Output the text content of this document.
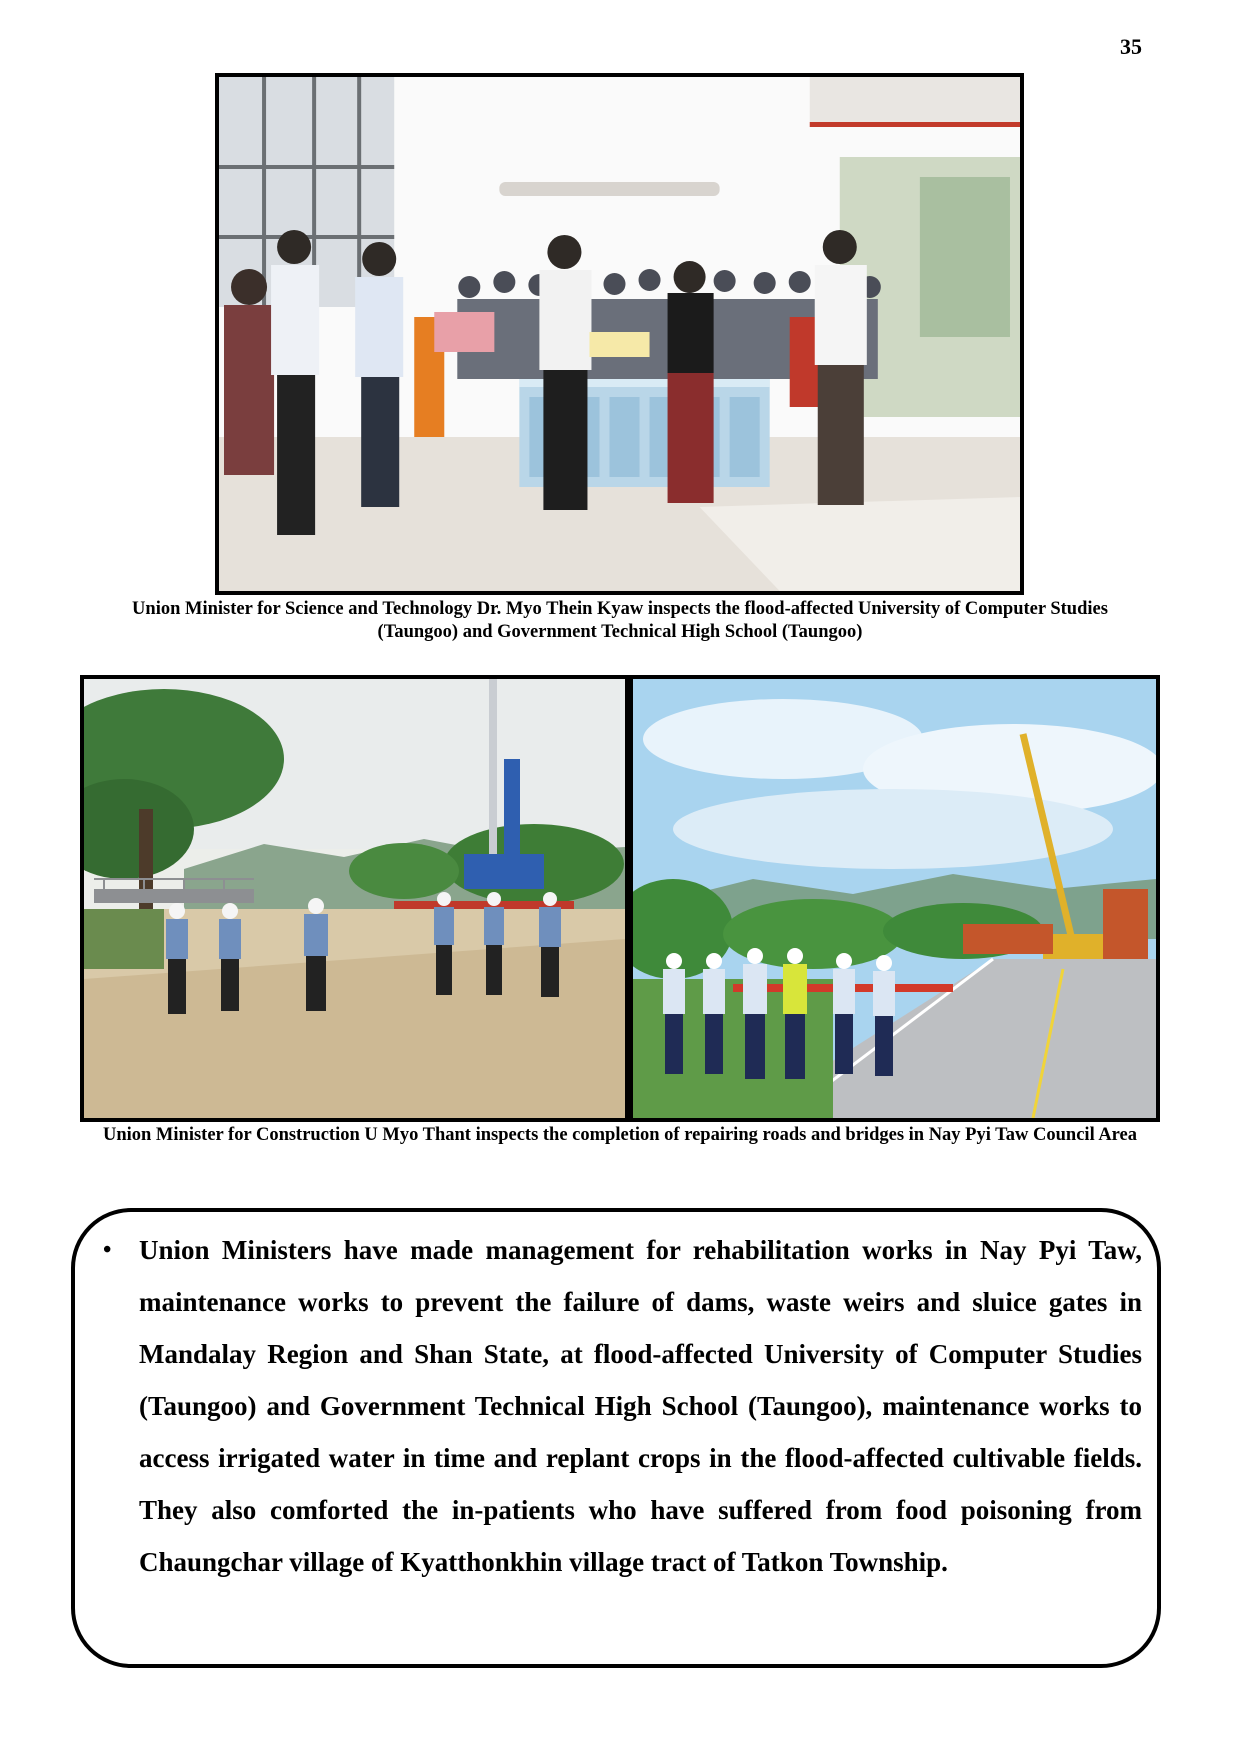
35
Union Minister for Science and Technology Dr. Myo Thein Kyaw inspects the flood-affected University of Computer Studies (Taungoo) and Government Technical High School (Taungoo)
Union Minister for Construction U Myo Thant inspects the completion of repairing roads and bridges in Nay Pyi Taw Council Area
• Union Ministers have made management for rehabilitation works in Nay Pyi Taw, maintenance works to prevent the failure of dams, waste weirs and sluice gates in Mandalay Region and Shan State, at flood-affected University of Computer Studies (Taungoo) and Government Technical High School (Taungoo), maintenance works to access irrigated water in time and replant crops in the flood-affected cultivable fields. They also comforted the in-patients who have suffered from food poisoning from Chaungchar village of Kyatthonkhin village tract of Tatkon Township.
